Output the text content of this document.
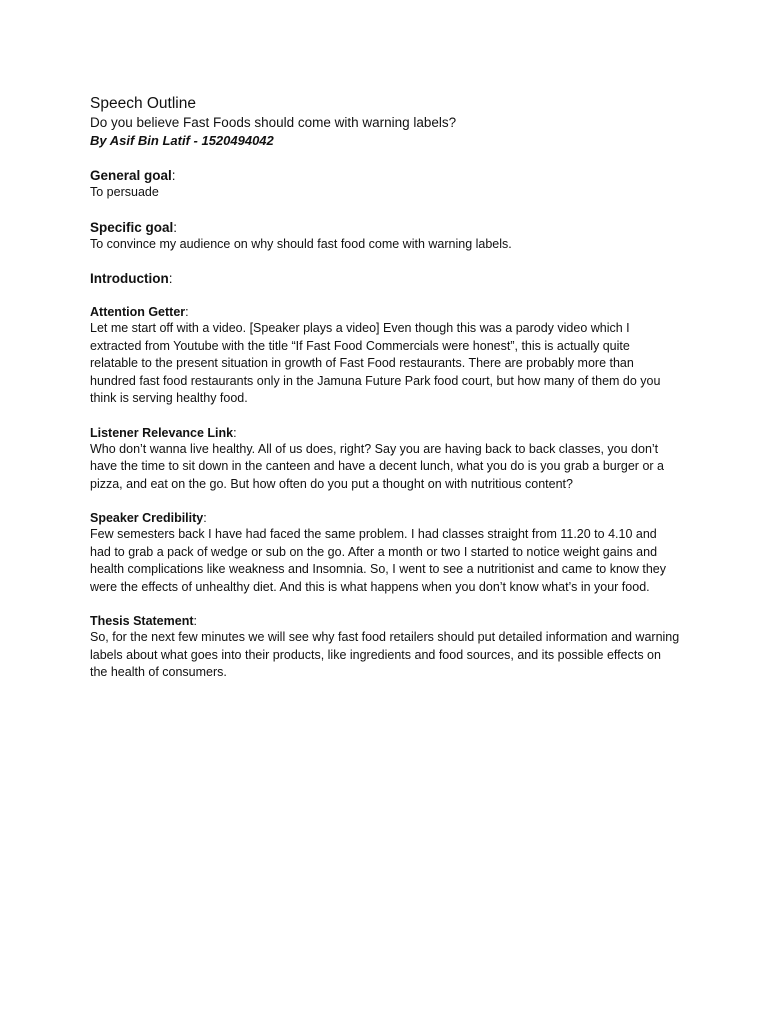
Speech Outline

Do you believe Fast Foods should come with warning labels?

By Asif Bin Latif - 1520494042

General goal:

To persuade

Specific goal:

To convince my audience on why should fast food come with warning labels.

Introduction:

Attention Getter:

Let me start off with a video. [Speaker plays a video] Even though this was a parody video which I extracted from Youtube with the title “If Fast Food Commercials were honest”, this is actually quite relatable to the present situation in growth of Fast Food restaurants. There are probably more than hundred fast food restaurants only in the Jamuna Future Park food court, but how many of them do you think is serving healthy food.

Listener Relevance Link:

Who don’t wanna live healthy. All of us does, right? Say you are having back to back classes, you don’t have the time to sit down in the canteen and have a decent lunch, what you do is you grab a burger or a pizza, and eat on the go. But how often do you put a thought on with nutritious content?

Speaker Credibility:

Few semesters back I have had faced the same problem. I had classes straight from 11.20 to 4.10 and had to grab a pack of wedge or sub on the go. After a month or two I started to notice weight gains and health complications like weakness and Insomnia. So, I went to see a nutritionist and came to know they were the effects of unhealthy diet. And this is what happens when you don’t know what’s in your food.

Thesis Statement:

So, for the next few minutes we will see why fast food retailers should put detailed information and warning labels about what goes into their products, like ingredients and food sources, and its possible effects on the health of consumers.
